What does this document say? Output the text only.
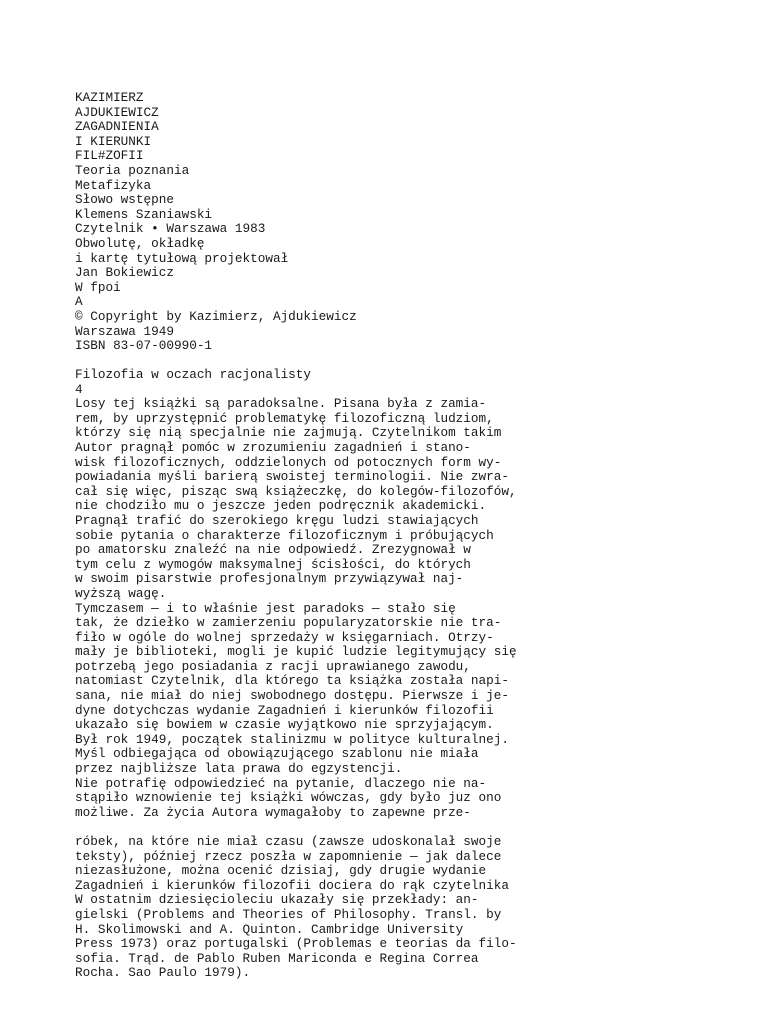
KAZIMIERZ
AJDUKIEWICZ
ZAGADNIENIA
I KIERUNKI
FIL#ZOFII
Teoria poznania
Metafizyka
Słowo wstępne
Klemens Szaniawski
Czytelnik • Warszawa 1983
Obwolutę, okładkę
i kartę tytułową projektował
Jan Bokiewicz
W fpoi
A
© Copyright by Kazimierz, Ajdukiewicz
Warszawa 1949
ISBN 83-07-00990-1
Filozofia w oczach racjonalisty
4
Losy tej książki są paradoksalne. Pisana była z zamia-
rem, by uprzystępnić problematykę filozoficzną ludziom,
którzy się nią specjalnie nie zajmują. Czytelnikom takim
Autor pragnął pomóc w zrozumieniu zagadnień i stano-
wisk filozoficznych, oddzielonych od potocznych form wy-
powiadania myśli barierą swoistej terminologii. Nie zwra-
cał się więc, pisząc swą książeczkę, do kolegów-filozofów,
nie chodziło mu o jeszcze jeden podręcznik akademicki.
Pragnął trafić do szerokiego kręgu ludzi stawiających
sobie pytania o charakterze filozoficznym i próbujących
po amatorsku znaleźć na nie odpowiedź. Zrezygnował w
tym celu z wymogów maksymalnej ścisłości, do których
w swoim pisarstwie profesjonalnym przywiązywał naj-
wyższą wagę.
Tymczasem — i to właśnie jest paradoks — stało się
tak, że dziełko w zamierzeniu popularyzatorskie nie tra-
fiło w ogóle do wolnej sprzedaży w księgarniach. Otrzy-
mały je biblioteki, mogli je kupić ludzie legitymujący się
potrzebą jego posiadania z racji uprawianego zawodu,
natomiast Czytelnik, dla którego ta książka została napi-
sana, nie miał do niej swobodnego dostępu. Pierwsze i je-
dyne dotychczas wydanie Zagadnień i kierunków filozofii
ukazało się bowiem w czasie wyjątkowo nie sprzyjającym.
Był rok 1949, początek stalinizmu w polityce kulturalnej.
Myśl odbiegająca od obowiązującego szablonu nie miała
przez najbliższe lata prawa do egzystencji.
Nie potrafię odpowiedzieć na pytanie, dlaczego nie na-
stąpiło wznowienie tej książki wówczas, gdy było juz ono
możliwe. Za życia Autora wymagałoby to zapewne prze-
róbek, na które nie miał czasu (zawsze udoskonalał swoje
teksty), później rzecz poszła w zapomnienie — jak dalece
niezasłużone, można ocenić dzisiaj, gdy drugie wydanie
Zagadnień i kierunków filozofii dociera do rąk czytelnika
W ostatnim dziesięcioleciu ukazały się przekłady: an-
gielski (Problems and Theories of Philosophy. Transl. by
H. Skolimowski and A. Quinton. Cambridge University
Press 1973) oraz portugalski (Problemas e teorias da filo-
sofia. Trąd. de Pablo Ruben Mariconda e Regina Correa
Rocha. Sao Paulo 1979).
